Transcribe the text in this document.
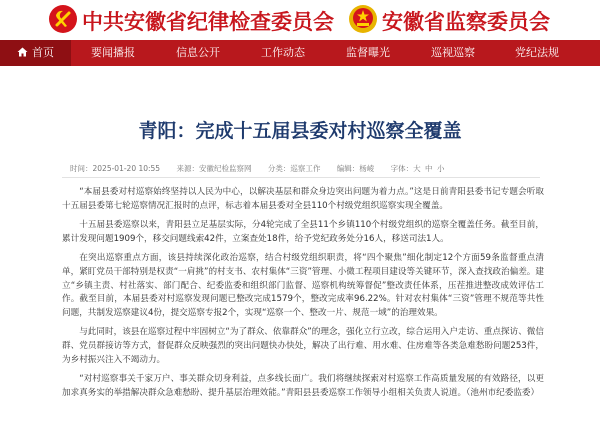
中共安徽省纪律检查委员会 安徽省监察委员会
首页	要闻播报	信息公开	工作动态	监督曝光	巡视巡察	党纪法规
青阳：完成十五届县委对村巡察全覆盖
时间：2025-01-20 10:55 来源：安徽纪检监察网 分类：巡察工作 编辑：杨崚 字体：大 中 小

“本届县委对村巡察始终坚持以人民为中心，以解决基层和群众身边突出问题为着力点。”这是日前青阳县委书记专题会听取十五届县委第七轮巡察情况汇报时的点评，标志着本届县委对全县110个村级党组织巡察实现全覆盖。

十五届县委巡察以来，青阳县立足基层实际，分4轮完成了全县11个乡镇110个村级党组织的巡察全覆盖任务。截至目前，累计发现问题1909个，移交问题线索42件，立案查处18件，给予党纪政务处分16人，移送司法1人。

在突出巡察重点方面，该县持续深化政治巡察，结合村级党组织职责，将“四个聚焦”细化制定12个方面59条监督重点清单，紧盯党员干部特别是权责“一肩挑”的村支书、农村集体“三资”管理、小微工程项目建设等关键环节，深入查找政治偏差。建立“乡镇主责、村社落实、部门配合、纪委监委和组织部门监督、巡察机构统筹督促”整改责任体系，压茬推进整改成效评估工作。截至目前，本届县委对村巡察发现问题已整改完成1579个，整改完成率96.22%。针对农村集体“三资”管理不规范等共性问题，共制发巡察建议4份，提交巡察专报2个，实现“巡察一个、整改一片、规范一域”的治理效果。

与此同时，该县在巡察过程中牢固树立“为了群众、依靠群众”的理念，强化立行立改，综合运用入户走访、重点探访、微信群、党员群接访等方式，督促群众反映强烈的突出问题快办快处，解决了出行难、用水难、住房难等各类急难愁盼问题253件，为乡村振兴注入不竭动力。

“对村巡察事关千家万户、事关群众切身利益，点多线长面广。我们将继续探索对村巡察工作高质量发展的有效路径，以更加求真务实的举措解决群众急难愁盼、提升基层治理效能。”青阳县县委巡察工作领导小组相关负责人说道。（池州市纪委监委）
